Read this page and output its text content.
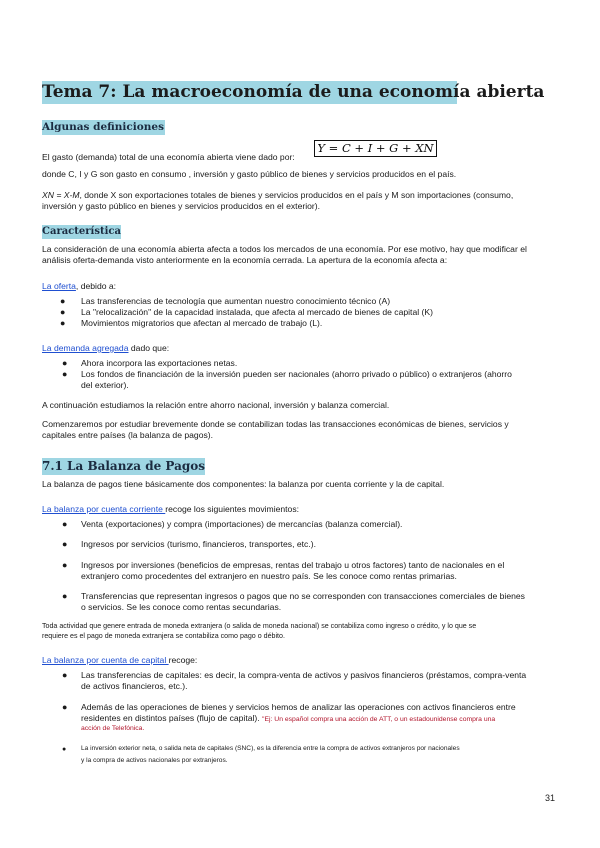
Tema 7: La macroeconomía de una economía abierta
Algunas definiciones
El gasto (demanda) total de una economía abierta viene dado por:
Y = C + I + G + XN
donde C, I y G son gasto en consumo , inversión y gasto público de bienes y servicios producidos en el país.
XN = X-M, donde X son exportaciones totales de bienes y servicios producidos en el país y M son importaciones (consumo,
inversión y gasto público en bienes y servicios producidos en el exterior).
Característica
La consideración de una economía abierta afecta a todos los mercados de una economía. Por ese motivo, hay que modificar el
análisis oferta-demanda visto anteriormente en la economía cerrada. La apertura de la economía afecta a:
La oferta, debido a:
● Las transferencias de tecnología que aumentan nuestro conocimiento técnico (A)
● La "relocalización" de la capacidad instalada, que afecta al mercado de bienes de capital (K)
● Movimientos migratorios que afectan al mercado de trabajo (L).
La demanda agregada dado que:
● Ahora incorpora las exportaciones netas.
● Los fondos de financiación de la inversión pueden ser nacionales (ahorro privado o público) o extranjeros (ahorro
del exterior).
A continuación estudiamos la relación entre ahorro nacional, inversión y balanza comercial.
Comenzaremos por estudiar brevemente donde se contabilizan todas las transacciones económicas de bienes, servicios y
capitales entre países (la balanza de pagos).
7.1 La Balanza de Pagos
La balanza de pagos tiene básicamente dos componentes: la balanza por cuenta corriente y la de capital.
La balanza por cuenta corriente recoge los siguientes movimientos:
● Venta (exportaciones) y compra (importaciones) de mercancías (balanza comercial).
● Ingresos por servicios (turismo, financieros, transportes, etc.).
● Ingresos por inversiones (beneficios de empresas, rentas del trabajo u otros factores) tanto de nacionales en el
extranjero como procedentes del extranjero en nuestro país. Se les conoce como rentas primarias.
● Transferencias que representan ingresos o pagos que no se corresponden con transacciones comerciales de bienes
o servicios. Se les conoce como rentas secundarias.
Toda actividad que genere entrada de moneda extranjera (o salida de moneda nacional) se contabiliza como ingreso o crédito, y lo que se
requiere es el pago de moneda extranjera se contabiliza como pago o débito.
La balanza por cuenta de capital recoge:
● Las transferencias de capitales: es decir, la compra-venta de activos y pasivos financieros (préstamos, compra-venta
de activos financieros, etc.).
● Además de las operaciones de bienes y servicios hemos de analizar las operaciones con activos financieros entre
residentes en distintos países (flujo de capital). "Ej: Un español compra una acción de ATT, o un estadounidense compra una
acción de Telefónica.
● La inversión exterior neta, o salida neta de capitales (SNC), es la diferencia entre la compra de activos extranjeros por nacionales
y la compra de activos nacionales por extranjeros.
31
